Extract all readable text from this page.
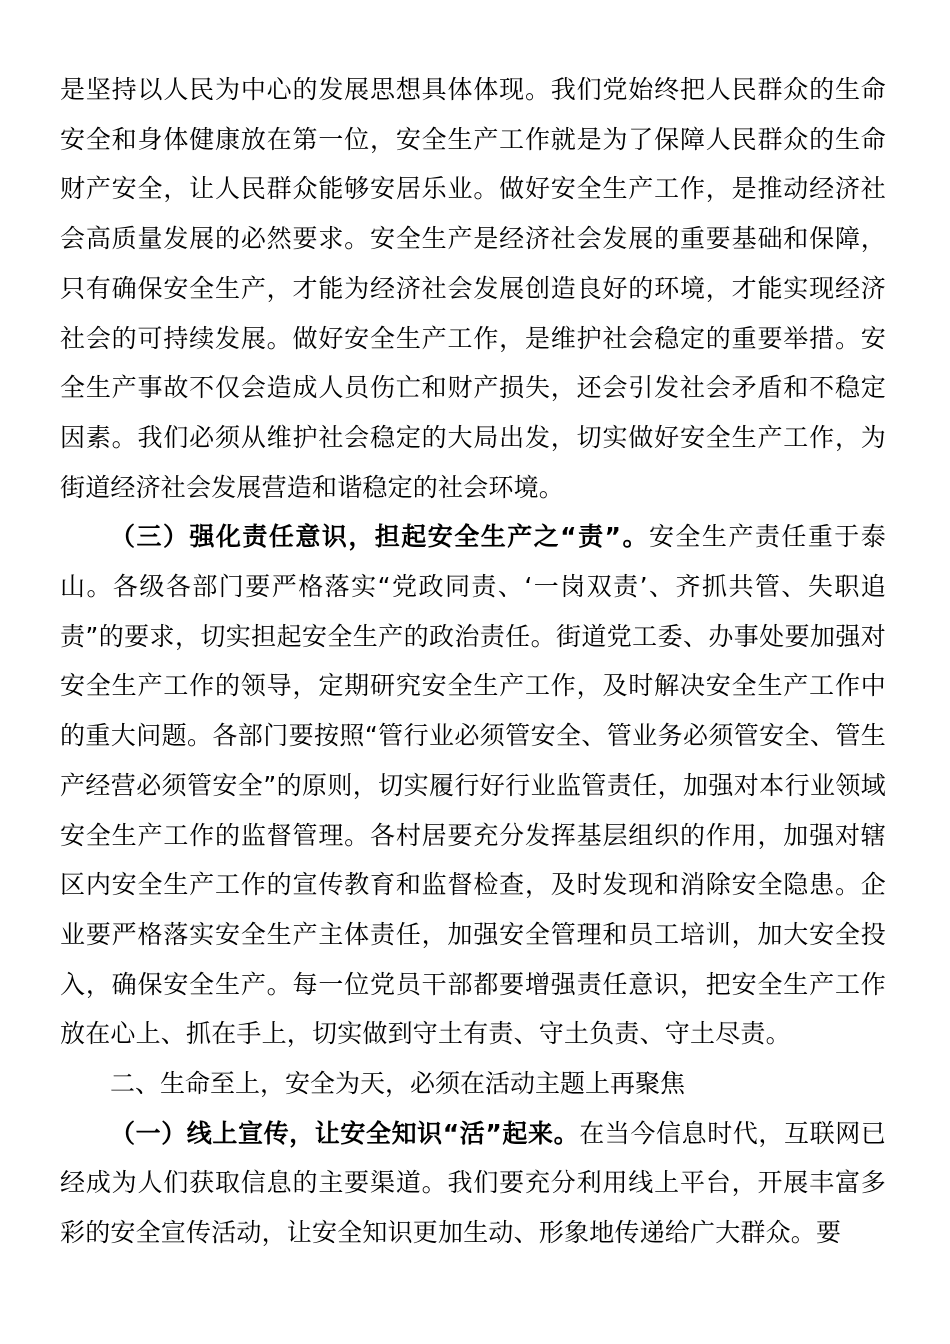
是坚持以人民为中心的发展思想具体体现。我们党始终把人民群众的生命安全和身体健康放在第一位，安全生产工作就是为了保障人民群众的生命财产安全，让人民群众能够安居乐业。做好安全生产工作，是推动经济社会高质量发展的必然要求。安全生产是经济社会发展的重要基础和保障，只有确保安全生产，才能为经济社会发展创造良好的环境，才能实现经济社会的可持续发展。做好安全生产工作，是维护社会稳定的重要举措。安全生产事故不仅会造成人员伤亡和财产损失，还会引发社会矛盾和不稳定因素。我们必须从维护社会稳定的大局出发，切实做好安全生产工作，为街道经济社会发展营造和谐稳定的社会环境。

（三）强化责任意识，担起安全生产之“责”。安全生产责任重于泰山。各级各部门要严格落实“党政同责、‘一岗双责’、齐抓共管、失职追责”的要求，切实担起安全生产的政治责任。街道党工委、办事处要加强对安全生产工作的领导，定期研究安全生产工作，及时解决安全生产工作中的重大问题。各部门要按照“管行业必须管安全、管业务必须管安全、管生产经营必须管安全”的原则，切实履行好行业监管责任，加强对本行业领域安全生产工作的监督管理。各村居要充分发挥基层组织的作用，加强对辖区内安全生产工作的宣传教育和监督检查，及时发现和消除安全隐患。企业要严格落实安全生产主体责任，加强安全管理和员工培训，加大安全投入，确保安全生产。每一位党员干部都要增强责任意识，把安全生产工作放在心上、抓在手上，切实做到守土有责、守土负责、守土尽责。

二、生命至上，安全为天，必须在活动主题上再聚焦

（一）线上宣传，让安全知识“活”起来。在当今信息时代，互联网已经成为人们获取信息的主要渠道。我们要充分利用线上平台，开展丰富多彩的安全宣传活动，让安全知识更加生动、形象地传递给广大群众。要
